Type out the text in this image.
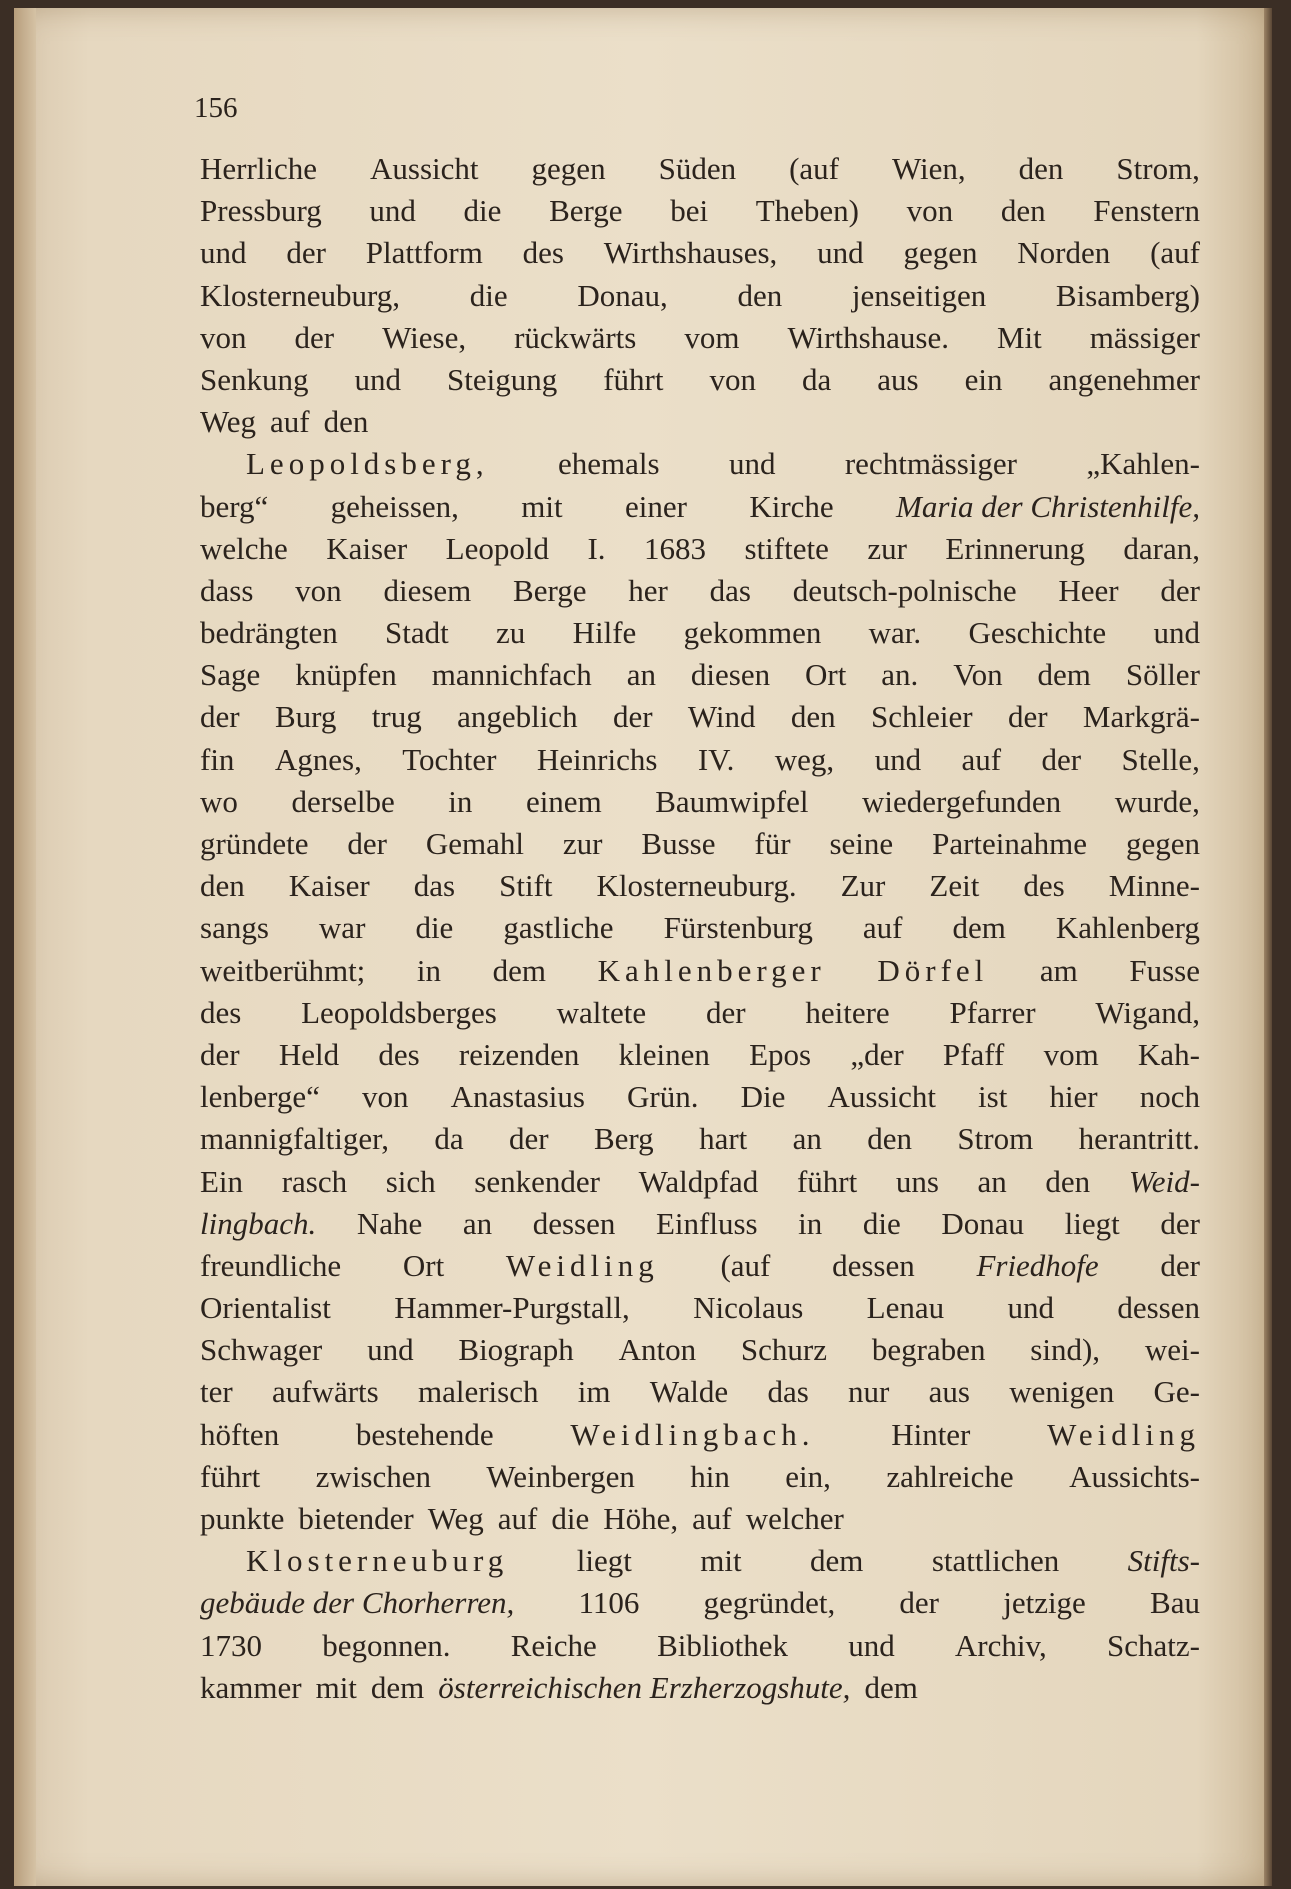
156
Herrliche Aussicht gegen Süden (auf Wien, den Strom,
Pressburg und die Berge bei Theben) von den Fenstern
und der Plattform des Wirthshauses, und gegen Norden (auf
Klosterneuburg, die Donau, den jenseitigen Bisamberg)
von der Wiese, rückwärts vom Wirthshause. Mit mässiger
Senkung und Steigung führt von da aus ein angenehmer
Weg auf den
Leopoldsberg, ehemals und rechtmässiger „Kahlen-
berg“ geheissen, mit einer Kirche Maria der Christenhilfe,
welche Kaiser Leopold I. 1683 stiftete zur Erinnerung daran,
dass von diesem Berge her das deutsch-polnische Heer der
bedrängten Stadt zu Hilfe gekommen war. Geschichte und
Sage knüpfen mannichfach an diesen Ort an. Von dem Söller
der Burg trug angeblich der Wind den Schleier der Markgrä-
fin Agnes, Tochter Heinrichs IV. weg, und auf der Stelle,
wo derselbe in einem Baumwipfel wiedergefunden wurde,
gründete der Gemahl zur Busse für seine Parteinahme gegen
den Kaiser das Stift Klosterneuburg. Zur Zeit des Minne-
sangs war die gastliche Fürstenburg auf dem Kahlenberg
weitberühmt; in dem Kahlenberger Dörfel am Fusse
des Leopoldsberges waltete der heitere Pfarrer Wigand,
der Held des reizenden kleinen Epos „der Pfaff vom Kah-
lenberge“ von Anastasius Grün. Die Aussicht ist hier noch
mannigfaltiger, da der Berg hart an den Strom herantritt.
Ein rasch sich senkender Waldpfad führt uns an den Weid-
lingbach. Nahe an dessen Einfluss in die Donau liegt der
freundliche Ort Weidling (auf dessen Friedhofe der
Orientalist Hammer-Purgstall, Nicolaus Lenau und dessen
Schwager und Biograph Anton Schurz begraben sind), wei-
ter aufwärts malerisch im Walde das nur aus wenigen Ge-
höften bestehende Weidlingbach. Hinter Weidling
führt zwischen Weinbergen hin ein, zahlreiche Aussichts-
punkte bietender Weg auf die Höhe, auf welcher
Klosterneuburg liegt mit dem stattlichen Stifts-
gebäude der Chorherren, 1106 gegründet, der jetzige Bau
1730 begonnen. Reiche Bibliothek und Archiv, Schatz-
kammer mit dem österreichischen Erzherzogshute, dem
